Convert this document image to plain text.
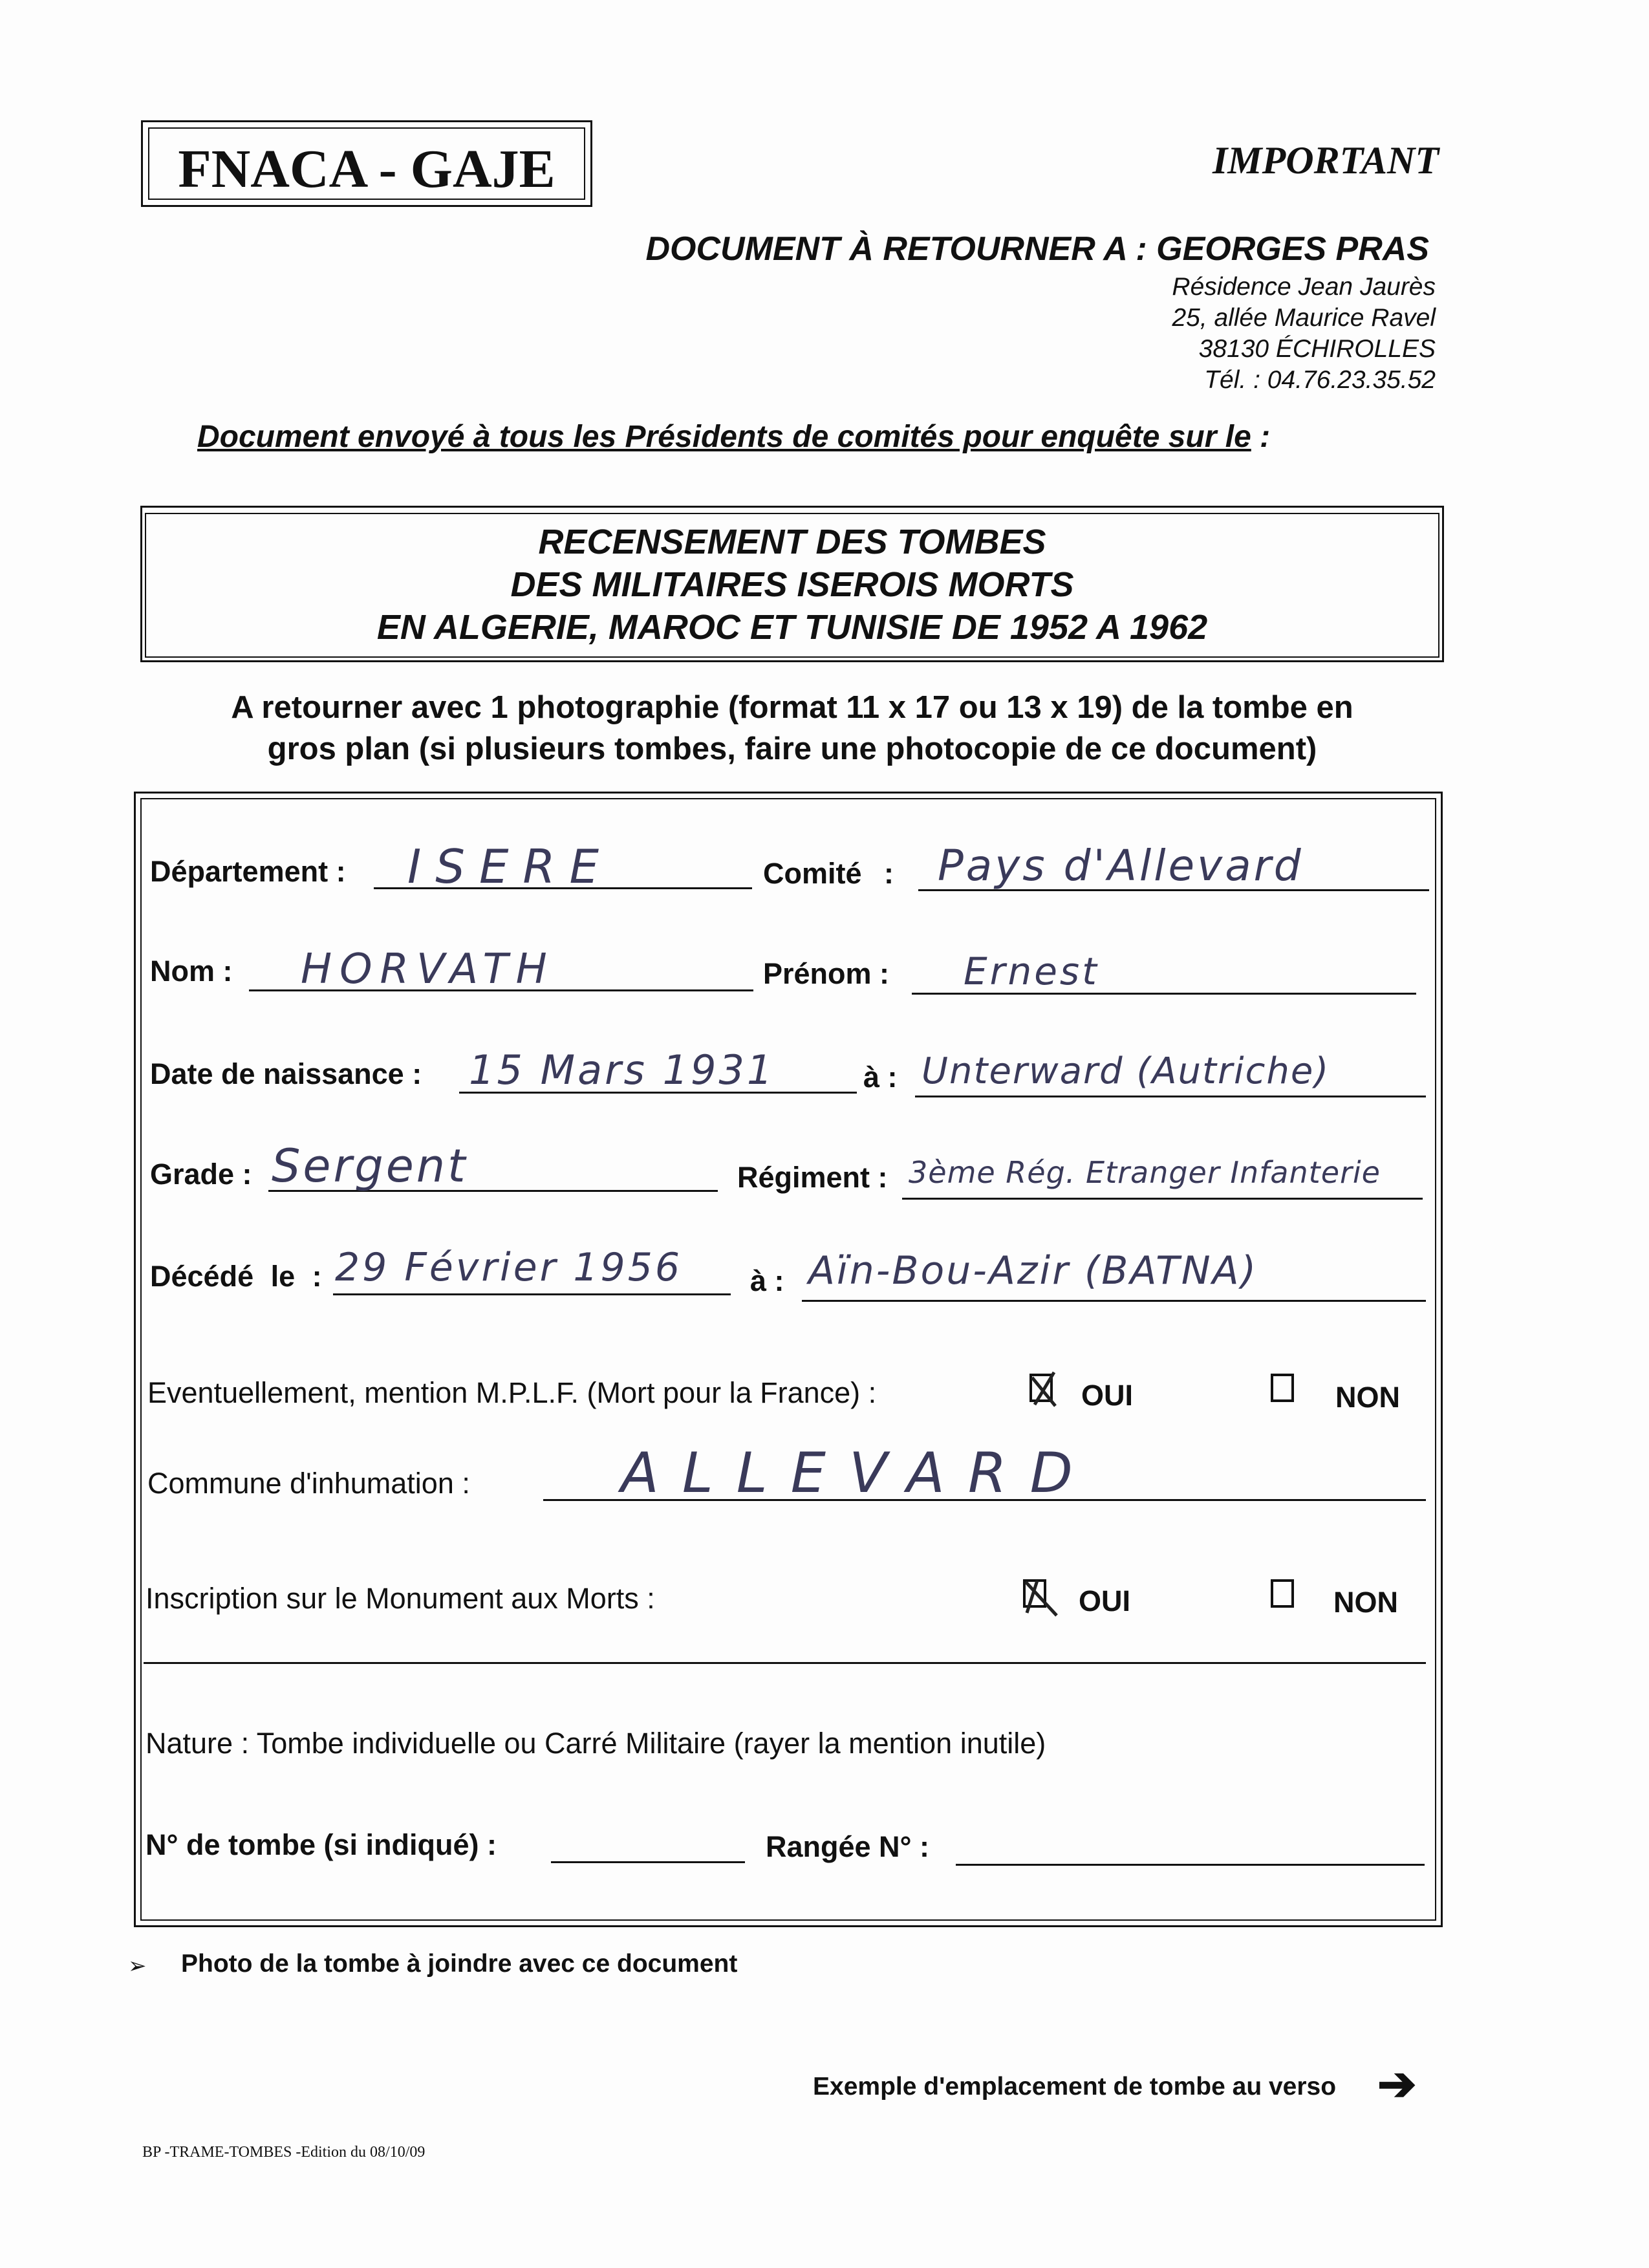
FNACA - GAJE	IMPORTANT
DOCUMENT À RETOURNER A : GEORGES PRAS
Résidence Jean Jaurès
25, allée Maurice Ravel
38130 ÉCHIROLLES
Tél. : 04.76.23.35.52
Document envoyé à tous les Présidents de comités pour enquête sur le :
RECENSEMENT DES TOMBES
DES MILITAIRES ISEROIS MORTS
EN ALGERIE, MAROC ET TUNISIE DE 1952 A 1962
A retourner avec 1 photographie (format 11 x 17 ou 13 x 19) de la tombe en
gros plan (si plusieurs tombes, faire une photocopie de ce document)
Département : ISERE	Comité : Pays d'Allevard
Nom : HORVATH	Prénom : Ernest
Date de naissance : 15 Mars 1931	à : Unterward (Autriche)
Grade : Sergent	Régiment : 3ème Rég. Etranger Infanterie
Décédé le : 29 Février 1956 à : Aïn-Bou-Azir (BATNA)
Eventuellement, mention M.P.L.F. (Mort pour la France) :	OUI	NON
Commune d'inhumation :	ALLEVARD
Inscription sur le Monument aux Morts :	OUI	NON
Nature : Tombe individuelle ou Carré Militaire (rayer la mention inutile)
N° de tombe (si indiqué) :	Rangée N° :
➢ Photo de la tombe à joindre avec ce document
Exemple d'emplacement de tombe au verso ➔
BP -TRAME-TOMBES -Edition du 08/10/09
